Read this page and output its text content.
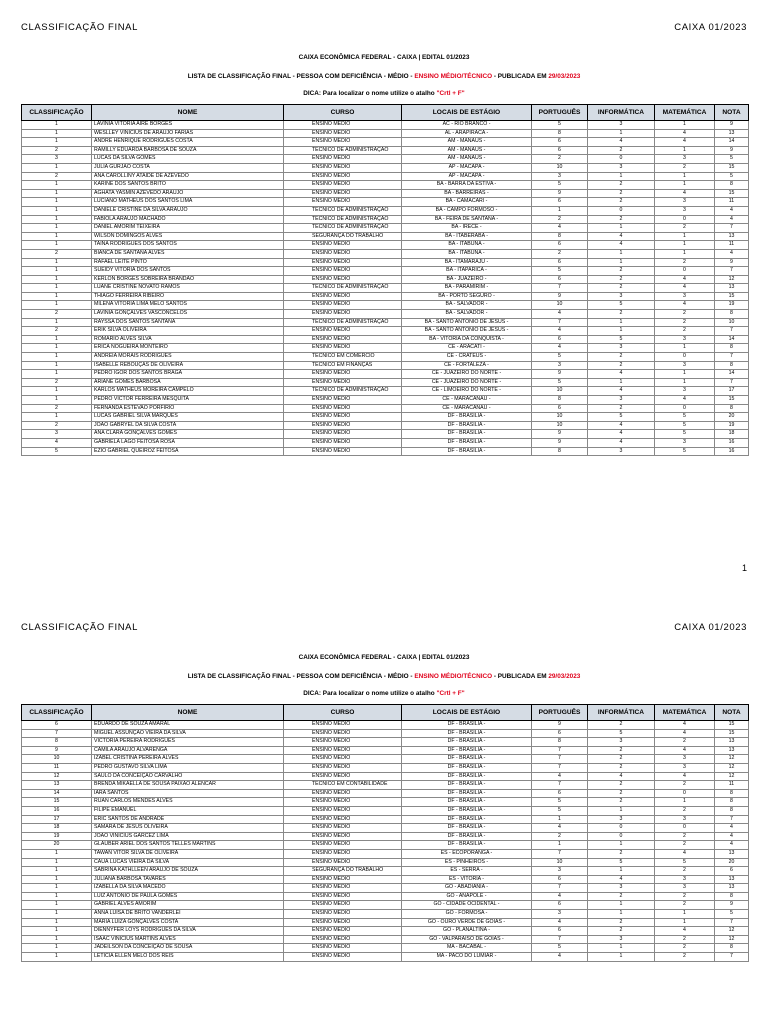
CLASSIFICAÇÃO FINAL	CAIXA 01/2023
CAIXA ECONÔMICA FEDERAL - CAIXA | EDITAL 01/2023
LISTA DE CLASSIFICAÇÃO FINAL - PESSOA COM DEFICIÊNCIA - MÉDIO - ENSINO MÉDIO/TÉCNICO - PUBLICADA EM 29/03/2023
DICA: Para localizar o nome utilize o atalho "Crtl + F"
CLASSIFICAÇÃO	NOME	CURSO	LOCAIS DE ESTÁGIO	PORTUGUÊS	INFORMÁTICA	MATEMÁTICA	NOTA
1	LAVINIA VITÓRIA AIRE BORGES	ENSINO MÉDIO	AC - RIO BRANCO -	5	3	1	9
1	WESLLEY VINÍCIUS DE ARAUJO FARIAS	ENSINO MÉDIO	AL - ARAPIRACA -	8	1	4	13
1	ANDRÉ HENRIQUE RODRIGUES COSTA	ENSINO MÉDIO	AM - MANAUS -	6	4	4	14
2	RAMILLY EDUARDA BARBOSA DE SOUZA	TÉCNICO DE ADMINISTRAÇÃO	AM - MANAUS -	6	2	1	9
3	LUCAS DA SILVA GOMES	ENSINO MÉDIO	AM - MANAUS -	2	0	3	5
1	JULIA GURJÃO COSTA	ENSINO MÉDIO	AP - MACAPA -	10	3	2	15
2	ANA CAROLLINY ATAIDE DE AZEVEDO	ENSINO MÉDIO	AP - MACAPA -	3	1	1	5
1	KARINE DOS SANTOS BRITO	ENSINO MÉDIO	BA - BARRA DA ESTIVA -	5	2	1	8
1	AGHATA YASMIN AZEVEDO ARAUJO	ENSINO MÉDIO	BA - BARREIRAS -	9	2	4	15
1	LUCIANO MATHEUS DOS SANTOS LIMA	ENSINO MÉDIO	BA - CAMACARI -	6	2	3	11
1	DANIELE CRISTINE DA SILVA ARAUJO	TÉCNICO DE ADMINISTRAÇÃO	BA - CAMPO FORMOSO -	1	0	3	4
1	FABIOLA ARAUJO MACHADO	TÉCNICO DE ADMINISTRAÇÃO	BA - FEIRA DE SANTANA -	2	2	0	4
1	DANIEL AMORIM TEIXEIRA	TÉCNICO DE ADMINISTRAÇÃO	BA - IRECE -	4	1	2	7
1	WILSON DOMINGOS ALVES	SEGURANÇA DO TRABALHO	BA - ITABERABA -	8	4	1	13
1	TAINA RODRIGUES DOS SANTOS	ENSINO MÉDIO	BA - ITABUNA -	6	4	1	11
2	BIANCA DE SANTANA ALVES	ENSINO MÉDIO	BA - ITABUNA -	2	1	1	4
1	RAFAEL LEITE PINTO	ENSINO MÉDIO	BA - ITAMARAJU -	6	1	2	9
1	SUEIDY VITÓRIA DOS SANTOS	ENSINO MÉDIO	BA - ITAPARICA -	5	2	0	7
1	KERLON BORGES SOBREIRA BRANDÃO	ENSINO MÉDIO	BA - JUAZEIRO -	6	2	4	12
1	LUANE CRISTINE NOVATO RAMOS	TÉCNICO DE ADMINISTRAÇÃO	BA - PARAMIRIM -	7	2	4	13
1	THIAGO FERREIRA RIBEIRO	ENSINO MÉDIO	BA - PORTO SEGURO -	9	3	3	15
1	MILENA VITÓRIA LIMA MELO SANTOS	ENSINO MÉDIO	BA - SALVADOR -	10	5	4	19
2	LAVINIA GONÇALVES VASCONCELOS	ENSINO MÉDIO	BA - SALVADOR -	4	2	2	8
1	RAYSSA DOS SANTOS SANTANA	TÉCNICO DE ADMINISTRAÇÃO	BA - SANTO ANTONIO DE JESUS -	7	1	2	10
2	ERIK SILVA OLIVEIRA	ENSINO MÉDIO	BA - SANTO ANTONIO DE JESUS -	4	1	2	7
1	ROMARIO ALVES SILVA	ENSINO MÉDIO	BA - VITORIA DA CONQUISTA -	6	5	3	14
1	ERICA NOGUEIRA MONTEIRO	ENSINO MÉDIO	CE - ARACATI -	4	3	1	8
1	ANDRÉIA MORAIS RODRIGUES	TÉCNICO EM COMÉRCIO	CE - CRATEUS -	5	2	0	7
1	ISABELLE REBOUÇAS DE OLIVEIRA	TÉCNICO EM FINANÇAS	CE - FORTALEZA -	3	2	3	8
1	PEDRO IGOR DOS SANTOS BRAGA	ENSINO MÉDIO	CE - JUAZEIRO DO NORTE -	9	4	1	14
2	ARIANE GOMES BARBOSA	ENSINO MÉDIO	CE - JUAZEIRO DO NORTE -	5	1	1	7
1	KARLOS MATHEUS MOREIRA CAMPELO	TÉCNICO DE ADMINISTRAÇÃO	CE - LIMOEIRO DO NORTE -	10	4	3	17
1	PEDRO VICTOR FERREIRA MESQUITA	ENSINO MÉDIO	CE - MARACANAU -	8	3	4	15
2	FERNANDA ESTEVAO PORFIRIO	ENSINO MÉDIO	CE - MARACANAU -	6	2	0	8
1	LUCAS GABRIEL SILVA MARQUES	ENSINO MÉDIO	DF - BRASILIA -	10	5	5	20
2	JOÃO GABRYEL DA SILVA COSTA	ENSINO MÉDIO	DF - BRASILIA -	10	4	5	19
3	ANA CLARA GONÇALVES GOMES	ENSINO MÉDIO	DF - BRASILIA -	9	4	5	18
4	GABRIELA LAGO FEITOSA ROSA	ENSINO MÉDIO	DF - BRASILIA -	9	4	3	16
5	ÉZIO GABRIEL QUEIROZ FEITOSA	ENSINO MÉDIO	DF - BRASILIA -	8	3	5	16
1
CLASSIFICAÇÃO FINAL	CAIXA 01/2023
CAIXA ECONÔMICA FEDERAL - CAIXA | EDITAL 01/2023
LISTA DE CLASSIFICAÇÃO FINAL - PESSOA COM DEFICIÊNCIA - MÉDIO - ENSINO MÉDIO/TÉCNICO - PUBLICADA EM 29/03/2023
DICA: Para localizar o nome utilize o atalho "Crtl + F"
CLASSIFICAÇÃO	NOME	CURSO	LOCAIS DE ESTÁGIO	PORTUGUÊS	INFORMÁTICA	MATEMÁTICA	NOTA
6	EDUARDO DE SOUZA AMARAL	ENSINO MÉDIO	DF - BRASILIA -	9	2	4	15
7	MIGUEL ASSUNÇÃO VIEIRA DA SILVA	ENSINO MÉDIO	DF - BRASILIA -	6	5	4	15
8	VICTORIA PEREIRA RODRIGUES	ENSINO MÉDIO	DF - BRASILIA -	8	3	2	13
9	CAMILA ARAUJO ALVARENGA	ENSINO MÉDIO	DF - BRASILIA -	7	2	4	13
10	IZABEL CRISTINA PEREIRA ALVES	ENSINO MÉDIO	DF - BRASILIA -	7	2	3	12
11	PEDRO GUSTAVO SILVA LIMA	ENSINO MÉDIO	DF - BRASILIA -	7	2	3	12
12	SAULO DA CONCEIÇÃO CARVALHO	ENSINO MÉDIO	DF - BRASILIA -	4	4	4	12
13	BRENDA MIKAELLA DE SOUSA PAIXÃO ALENCAR	TÉCNICO EM CONTABILIDADE	DF - BRASILIA -	7	2	2	11
14	IARA SANTOS	ENSINO MÉDIO	DF - BRASILIA -	6	2	0	8
15	RUAN CARLOS MENDES ALVES	ENSINO MÉDIO	DF - BRASILIA -	5	2	1	8
16	FILIPE EMANUEL	ENSINO MÉDIO	DF - BRASILIA -	5	1	2	8
17	ERIC SANTOS DE ANDRADE	ENSINO MÉDIO	DF - BRASILIA -	1	3	3	7
18	SAMARA DE JESUS OLIVEIRA	ENSINO MÉDIO	DF - BRASILIA -	4	0	0	4
19	JOAO VINICIUS GARCEZ LIMA	ENSINO MÉDIO	DF - BRASILIA -	2	0	2	4
20	GLAUBER ARIEL DOS SANTOS TELLES MARTINS	ENSINO MÉDIO	DF - BRASILIA -	1	1	2	4
1	TAWAN VITOR SILVA DE OLIVEIRA	ENSINO MÉDIO	ES - ECOPORANGA -	7	2	4	13
1	CAUÃ LUCAS VIEIRA DA SILVA	ENSINO MÉDIO	ES - PINHEIROS -	10	5	5	20
1	SABRINA KATHLLEEN ARAUJO DE SOUZA	SEGURANÇA DO TRABALHO	ES - SERRA -	3	1	2	6
1	JULIANA BARBOSA TAVARES	ENSINO MÉDIO	ES - VITORIA -	6	4	3	13
1	IZABELLA DA SILVA MACEDO	ENSINO MÉDIO	GO - ABADIANIA -	7	3	3	13
1	LUIZ ANTÔNIO DE PAULA GOMES	ENSINO MÉDIO	GO - ANAPOLE -	4	2	2	8
1	GABRIEL ALVES AMORIM	ENSINO MÉDIO	GO - CIDADE OCIDENTAL -	6	1	2	9
1	ANNA LUISA DE BRITO VANDERLEI	ENSINO MÉDIO	GO - FORMOSA -	3	1	1	5
1	MARIA LUIZA GONÇALVES COSTA	ENSINO MÉDIO	GO - OURO VERDE DE GOIAS -	4	2	1	7
1	DIENNYFER LOYS RODRIGUES DA SILVA	ENSINO MÉDIO	GO - PLANALTINA -	6	2	4	12
1	ISAAC VINICIUS MARTINS ALVES	ENSINO MÉDIO	GO - VALPARAISO DE GOIAS -	7	3	2	12
1	JADEILSON DA CONCEIÇÃO DE SOUSA	ENSINO MÉDIO	MA - BACABAL -	5	1	2	8
1	LETICIA ELLEN MELO DOS REIS	ENSINO MÉDIO	MA - PACO DO LUMIAR -	4	1	2	7
